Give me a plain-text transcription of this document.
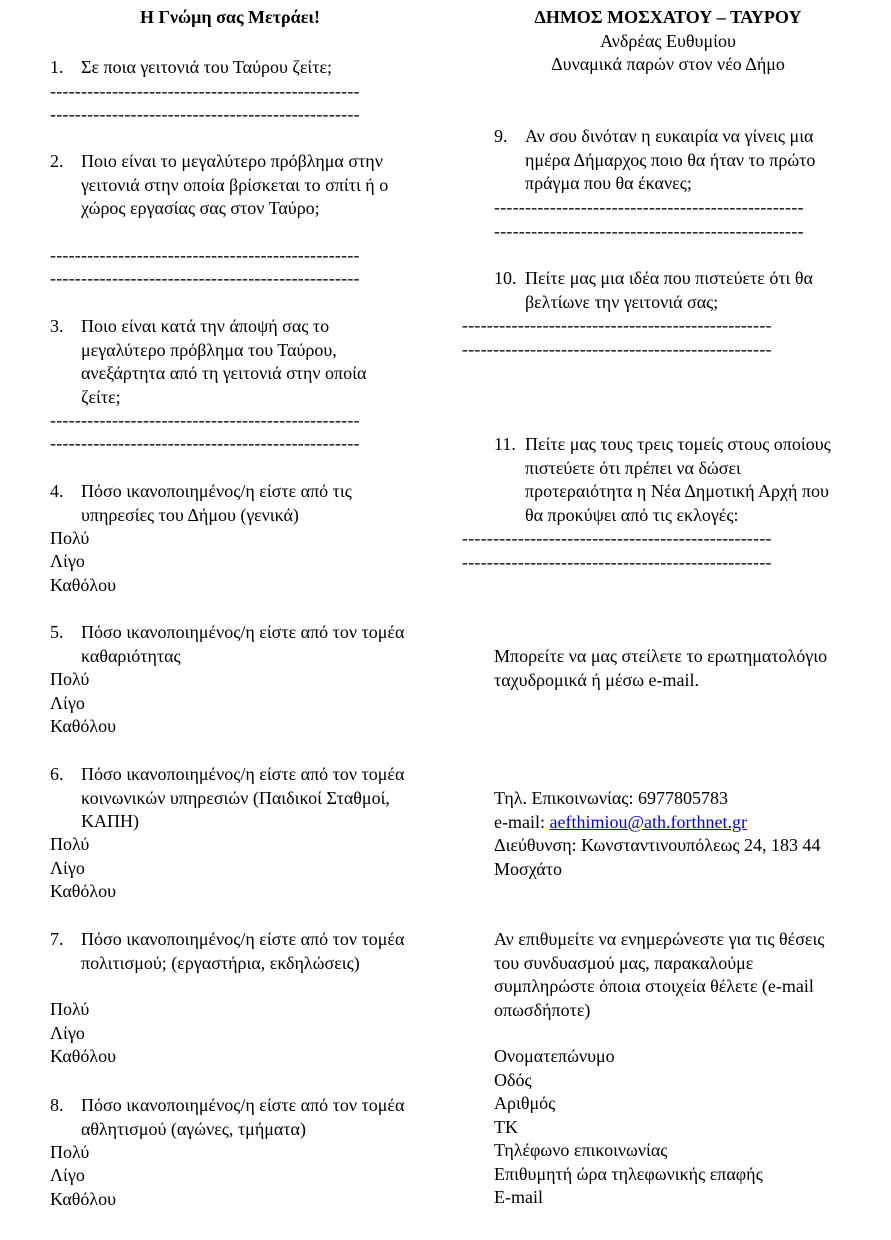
Η Γνώμη σας Μετράει!
1. Σε ποια γειτονιά του Ταύρου ζείτε;
--------------------------------------------------
--------------------------------------------------
2. Ποιο είναι το μεγαλύτερο πρόβλημα στην γειτονιά στην οποία βρίσκεται το σπίτι ή ο χώρος εργασίας σας στον Ταύρο;
--------------------------------------------------
--------------------------------------------------
3. Ποιο είναι κατά την άποψή σας το μεγαλύτερο πρόβλημα του Ταύρου, ανεξάρτητα από τη γειτονιά στην οποία ζείτε;
--------------------------------------------------
--------------------------------------------------
4. Πόσο ικανοποιημένος/η είστε από τις υπηρεσίες του Δήμου (γενικά)
Πολύ
Λίγο
Καθόλου
5. Πόσο ικανοποιημένος/η είστε από τον τομέα καθαριότητας
Πολύ
Λίγο
Καθόλου
6. Πόσο ικανοποιημένος/η είστε από τον τομέα κοινωνικών υπηρεσιών (Παιδικοί Σταθμοί, ΚΑΠΗ)
Πολύ
Λίγο
Καθόλου
7. Πόσο ικανοποιημένος/η είστε από τον τομέα πολιτισμού; (εργαστήρια, εκδηλώσεις)
Πολύ
Λίγο
Καθόλου
8. Πόσο ικανοποιημένος/η είστε από τον τομέα αθλητισμού (αγώνες, τμήματα)
Πολύ
Λίγο
Καθόλου
ΔΗΜΟΣ ΜΟΣΧΑΤΟΥ – ΤΑΥΡΟΥ
Ανδρέας Ευθυμίου
Δυναμικά παρών στον νέο Δήμο
9. Αν σου δινόταν η ευκαιρία να γίνεις μια ημέρα Δήμαρχος ποιο θα ήταν το πρώτο πράγμα που θα έκανες;
--------------------------------------------------
--------------------------------------------------
10. Πείτε μας μια ιδέα που πιστεύετε ότι θα βελτίωνε την γειτονιά σας;
--------------------------------------------------
--------------------------------------------------
11. Πείτε μας τους τρεις τομείς στους οποίους πιστεύετε ότι πρέπει να δώσει προτεραιότητα η Νέα Δημοτική Αρχή που θα προκύψει από τις εκλογές:
--------------------------------------------------
--------------------------------------------------
Μπορείτε να μας στείλετε το ερωτηματολόγιο ταχυδρομικά ή μέσω e-mail.
Τηλ. Επικοινωνίας: 6977805783
e-mail: aefthimiou@ath.forthnet.gr
Διεύθυνση: Κωνσταντινουπόλεως 24, 183 44 Μοσχάτο
Αν επιθυμείτε να ενημερώνεστε για τις θέσεις του συνδυασμού μας, παρακαλούμε συμπληρώστε όποια στοιχεία θέλετε (e-mail οπωσδήποτε)
Ονοματεπώνυμο
Οδός
Αριθμός
ΤΚ
Τηλέφωνο επικοινωνίας
Επιθυμητή ώρα τηλεφωνικής επαφής
E-mail
